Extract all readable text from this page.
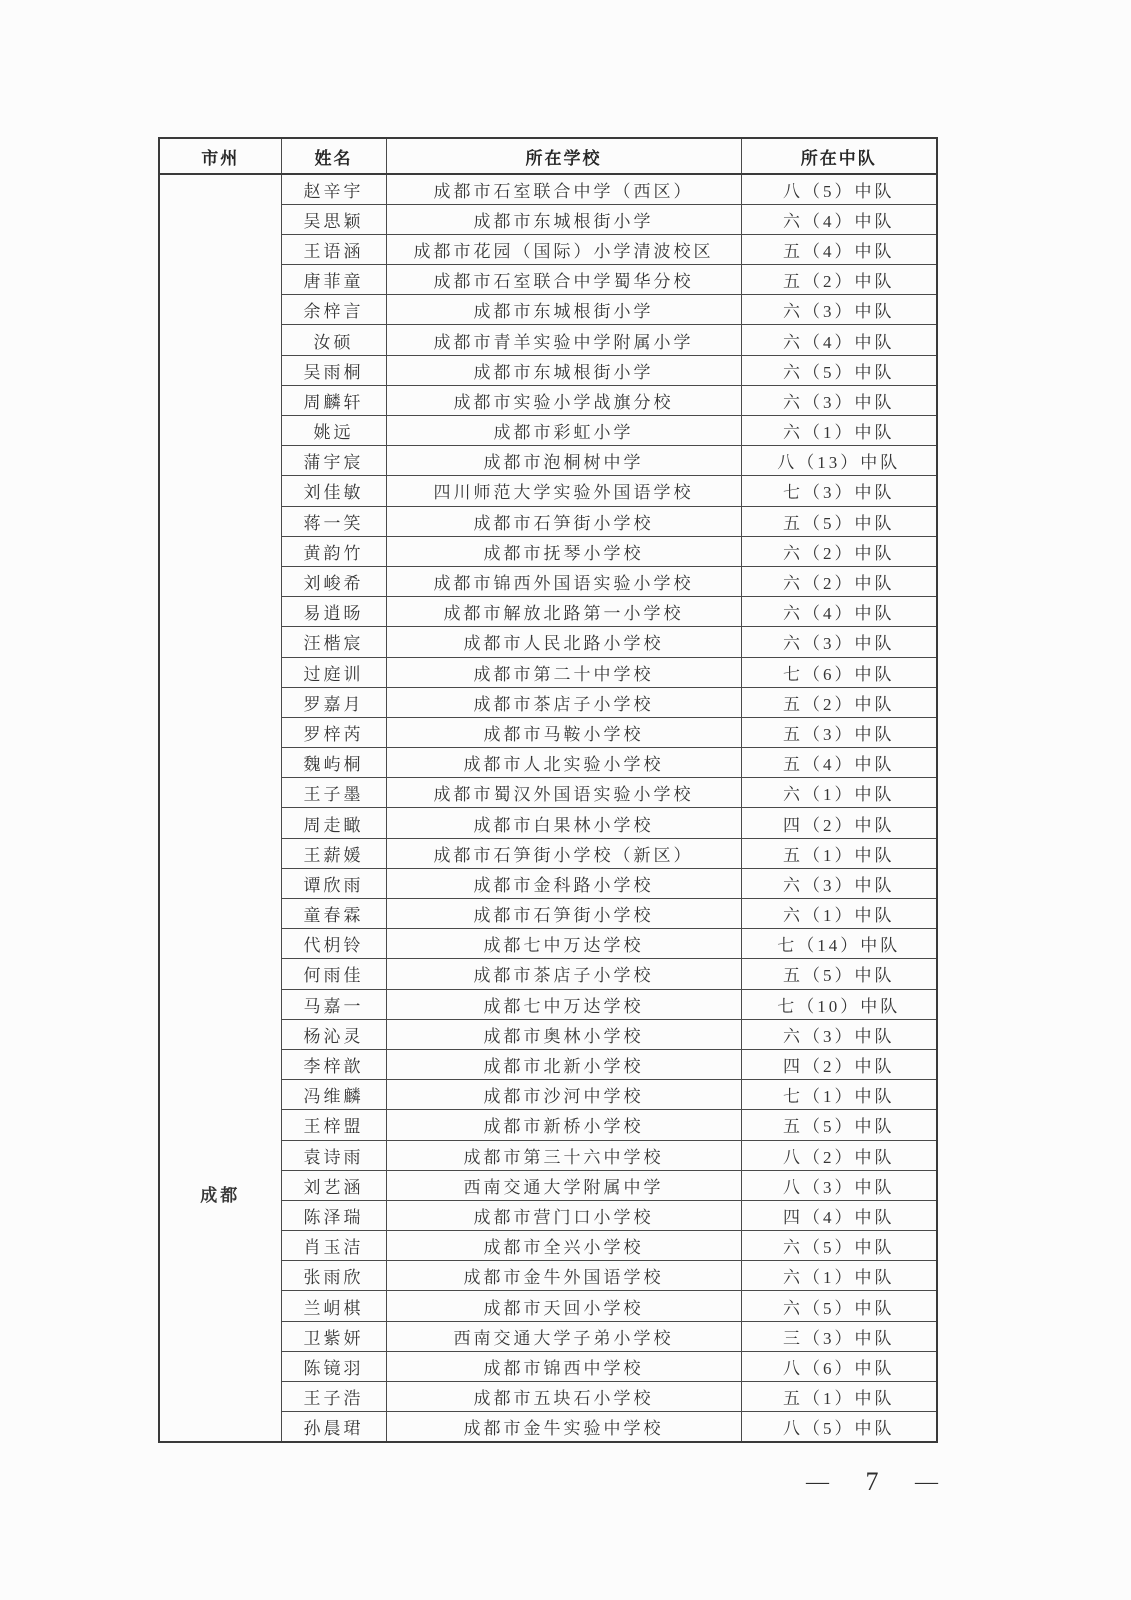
市州	姓名	所在学校	所在中队
成都	赵辛宇	成都市石室联合中学（西区）	八（5）中队
	吴思颖	成都市东城根街小学	六（4）中队
	王语涵	成都市花园（国际）小学清波校区	五（4）中队
	唐菲童	成都市石室联合中学蜀华分校	五（2）中队
	余梓言	成都市东城根街小学	六（3）中队
	汝硕	成都市青羊实验中学附属小学	六（4）中队
	吴雨桐	成都市东城根街小学	六（5）中队
	周麟轩	成都市实验小学战旗分校	六（3）中队
	姚远	成都市彩虹小学	六（1）中队
	蒲宇宸	成都市泡桐树中学	八（13）中队
	刘佳敏	四川师范大学实验外国语学校	七（3）中队
	蒋一笑	成都市石笋街小学校	五（5）中队
	黄韵竹	成都市抚琴小学校	六（2）中队
	刘峻希	成都市锦西外国语实验小学校	六（2）中队
	易逍旸	成都市解放北路第一小学校	六（4）中队
	汪楷宸	成都市人民北路小学校	六（3）中队
	过庭训	成都市第二十中学校	七（6）中队
	罗嘉月	成都市茶店子小学校	五（2）中队
	罗梓芮	成都市马鞍小学校	五（3）中队
	魏屿桐	成都市人北实验小学校	五（4）中队
	王子墨	成都市蜀汉外国语实验小学校	六（1）中队
	周走瞰	成都市白果林小学校	四（2）中队
	王薪媛	成都市石笋街小学校（新区）	五（1）中队
	谭欣雨	成都市金科路小学校	六（3）中队
	童春霖	成都市石笋街小学校	六（1）中队
	代枂铃	成都七中万达学校	七（14）中队
	何雨佳	成都市茶店子小学校	五（5）中队
	马嘉一	成都七中万达学校	七（10）中队
	杨沁灵	成都市奥林小学校	六（3）中队
	李梓歆	成都市北新小学校	四（2）中队
	冯维麟	成都市沙河中学校	七（1）中队
	王梓盟	成都市新桥小学校	五（5）中队
	袁诗雨	成都市第三十六中学校	八（2）中队
	刘艺涵	西南交通大学附属中学	八（3）中队
	陈泽瑞	成都市营门口小学校	四（4）中队
	肖玉洁	成都市全兴小学校	六（5）中队
	张雨欣	成都市金牛外国语学校	六（1）中队
	兰岄棋	成都市天回小学校	六（5）中队
	卫紫妍	西南交通大学子弟小学校	三（3）中队
	陈镜羽	成都市锦西中学校	八（6）中队
	王子浩	成都市五块石小学校	五（1）中队
	孙晨珺	成都市金牛实验中学校	八（5）中队
— 7 —
